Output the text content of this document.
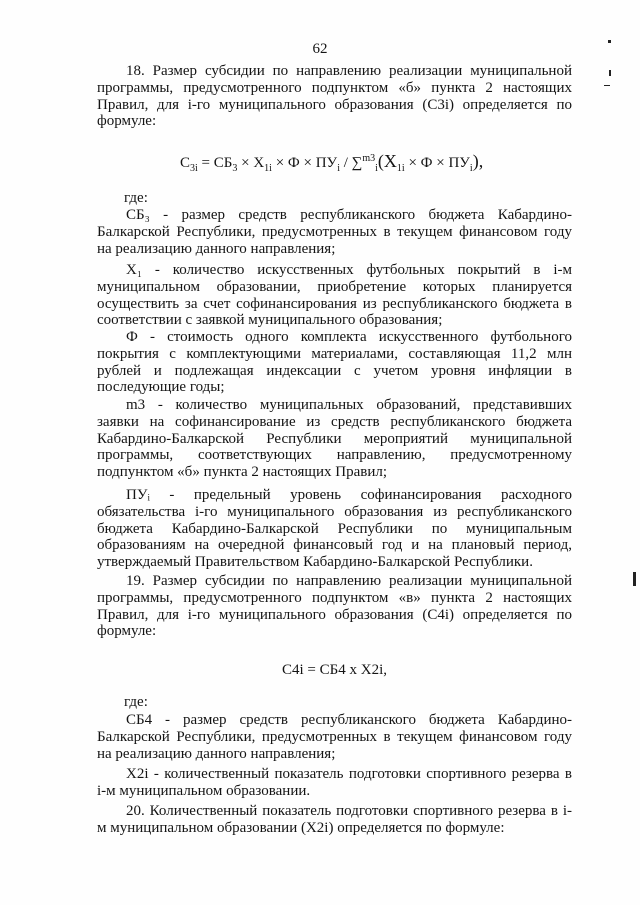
62
18. Размер субсидии по направлению реализации муниципальной программы, предусмотренного подпунктом «б» пункта 2 настоящих Правил, для i-го муниципального образования (С3i) определяется по формуле:
$С_{3i} = СБ_3 \times Х_{1i} \times Ф \times ПУ_i / \sum^{m3}_i(Х_{1i} \times Ф \times ПУ_i)$,
где:
СБ₃ - размер средств республиканского бюджета Кабардино-Балкарской Республики, предусмотренных в текущем финансовом году на реализацию данного направления;
Х₁ - количество искусственных футбольных покрытий в i-м муниципальном образовании, приобретение которых планируется осуществить за счет софинансирования из республиканского бюджета в соответствии с заявкой муниципального образования;
Ф - стоимость одного комплекта искусственного футбольного покрытия с комплектующими материалами, составляющая 11,2 млн рублей и подлежащая индексации с учетом уровня инфляции в последующие годы;
m3 - количество муниципальных образований, представивших заявки на софинансирование из средств республиканского бюджета Кабардино-Балкарской Республики мероприятий муниципальной программы, соответствующих направлению, предусмотренному подпунктом «б» пункта 2 настоящих Правил;
ПУᵢ - предельный уровень софинансирования расходного обязательства i-го муниципального образования из республиканского бюджета Кабардино-Балкарской Республики по муниципальным образованиям на очередной финансовый год и на плановый период, утверждаемый Правительством Кабардино-Балкарской Республики.
19. Размер субсидии по направлению реализации муниципальной программы, предусмотренного подпунктом «в» пункта 2 настоящих Правил, для i-го муниципального образования (С4i) определяется по формуле:
С4i = СБ4 х Х2i,
где:
СБ4 - размер средств республиканского бюджета Кабардино-Балкарской Республики, предусмотренных в текущем финансовом году на реализацию данного направления;
Х2i - количественный показатель подготовки спортивного резерва в i-м муниципальном образовании.
20. Количественный показатель подготовки спортивного резерва в i-м муниципальном образовании (Х2i) определяется по формуле:
